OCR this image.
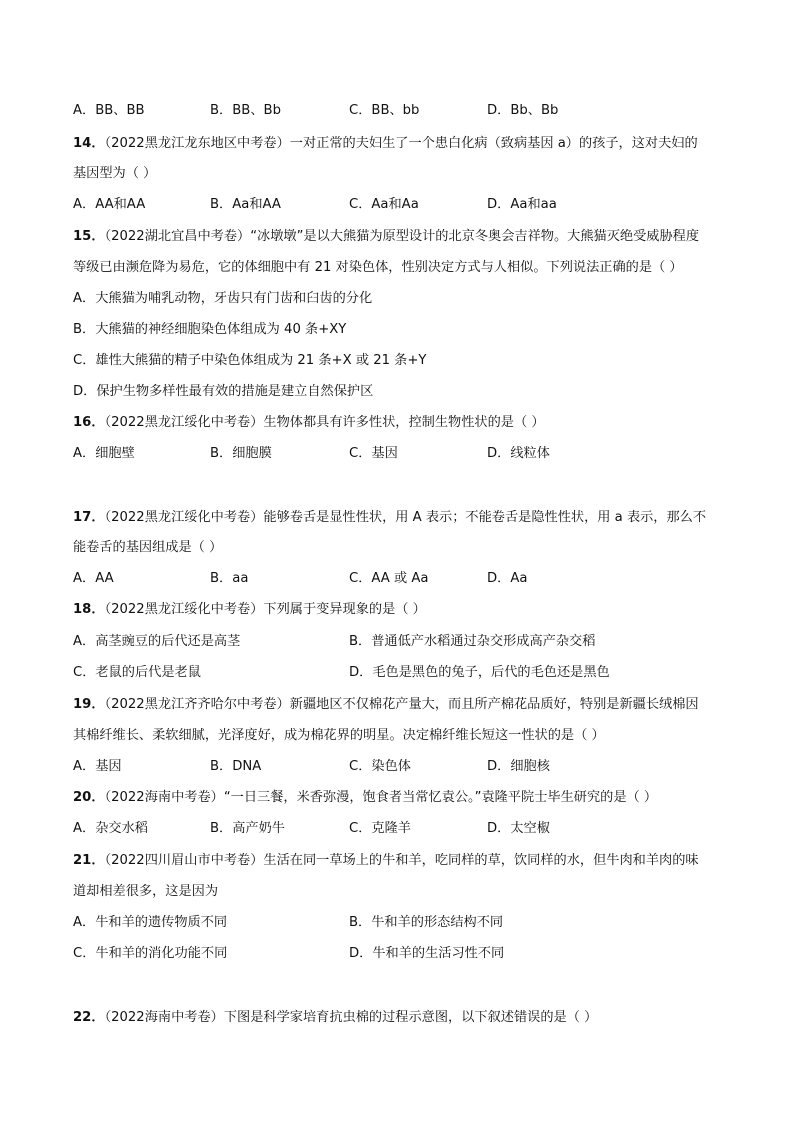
A．BB、BB	B．BB、Bb	C．BB、bb	D．Bb、Bb
14．（2022黑龙江龙东地区中考卷）一对正常的夫妇生了一个患白化病（致病基因 a）的孩子，这对夫妇的
基因型为（ ）
A．AA和AA	B．Aa和AA	C．Aa和Aa	D．Aa和aa
15．（2022湖北宜昌中考卷）“冰墩墩”是以大熊猫为原型设计的北京冬奥会吉祥物。大熊猫灭绝受威胁程度
等级已由濒危降为易危，它的体细胞中有 21 对染色体，性别决定方式与人相似。下列说法正确的是（ ）
A．大熊猫为哺乳动物，牙齿只有门齿和臼齿的分化
B．大熊猫的神经细胞染色体组成为 40 条+XY
C．雄性大熊猫的精子中染色体组成为 21 条+X 或 21 条+Y
D．保护生物多样性最有效的措施是建立自然保护区
16．（2022黑龙江绥化中考卷）生物体都具有许多性状，控制生物性状的是（ ）
A．细胞壁	B．细胞膜	C．基因	D．线粒体
17．（2022黑龙江绥化中考卷）能够卷舌是显性性状，用 A 表示；不能卷舌是隐性性状，用 a 表示，那么不
能卷舌的基因组成是（ ）
A．AA	B．aa	C．AA 或 Aa	D．Aa
18．（2022黑龙江绥化中考卷）下列属于变异现象的是（ ）
A．高茎豌豆的后代还是高茎	B．普通低产水稻通过杂交形成高产杂交稻
C．老鼠的后代是老鼠	D．毛色是黑色的兔子，后代的毛色还是黑色
19．（2022黑龙江齐齐哈尔中考卷）新疆地区不仅棉花产量大，而且所产棉花品质好，特别是新疆长绒棉因
其棉纤维长、柔软细腻，光泽度好，成为棉花界的明星。决定棉纤维长短这一性状的是（ ）
A．基因	B．DNA	C．染色体	D．细胞核
20．（2022海南中考卷）“一日三餐，米香弥漫，饱食者当常忆袁公。”袁隆平院士毕生研究的是（ ）
A．杂交水稻	B．高产奶牛	C．克隆羊	D．太空椒
21．（2022四川眉山市中考卷）生活在同一草场上的牛和羊，吃同样的草，饮同样的水，但牛肉和羊肉的味
道却相差很多，这是因为
A．牛和羊的遗传物质不同	B．牛和羊的形态结构不同
C．牛和羊的消化功能不同	D．牛和羊的生活习性不同
22．（2022海南中考卷）下图是科学家培育抗虫棉的过程示意图，以下叙述错误的是（ ）
